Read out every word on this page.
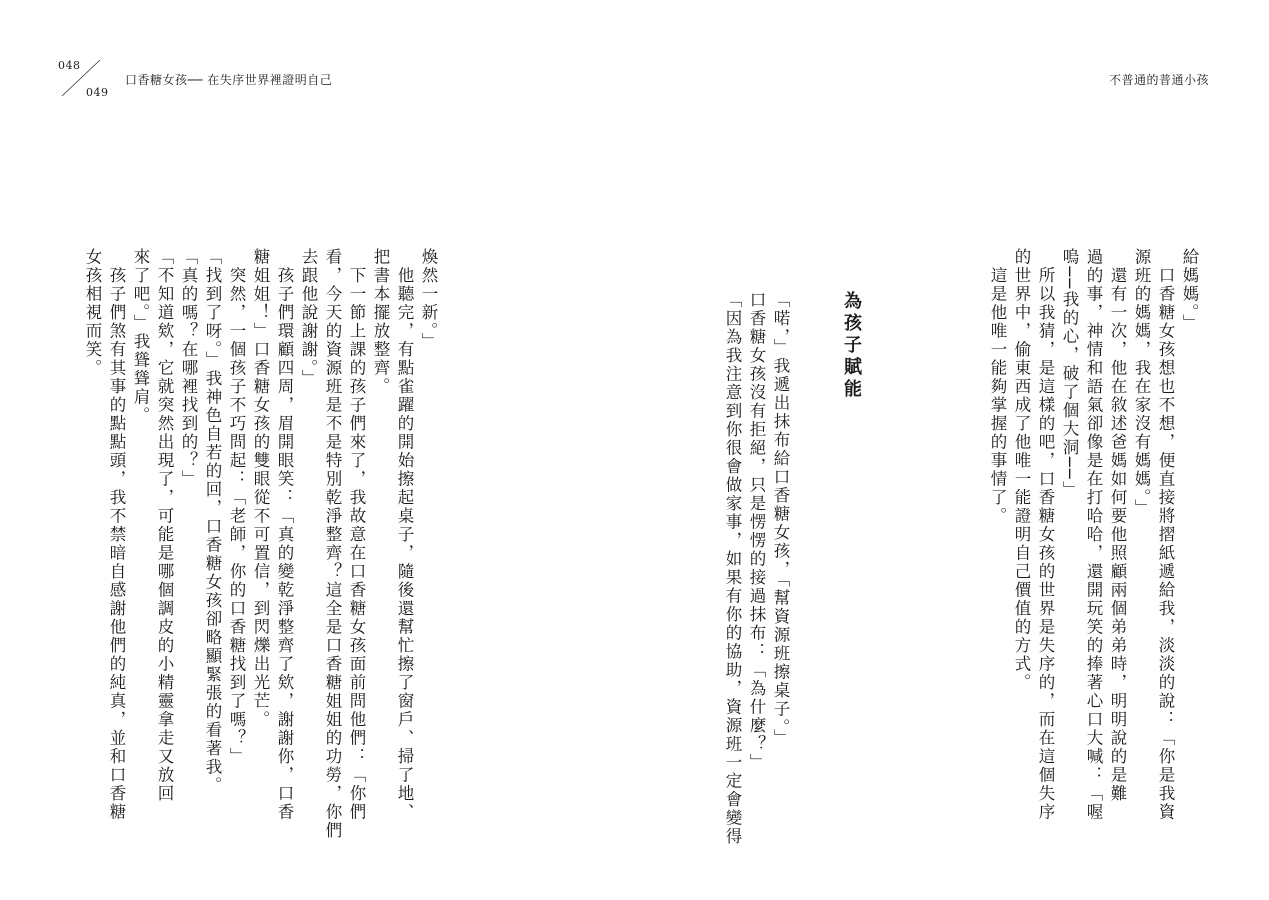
048
049
口香糖女孩── 在失序世界裡證明自己	不普通的普通小孩
給媽媽。」
　口香糖女孩想也不想，便直接將摺紙遞給我，淡淡的說：「你是我資
源班的媽媽，我在家沒有媽媽。」
　還有一次，他在敘述爸媽如何要他照顧兩個弟弟時，明明說的是難
過的事，神情和語氣卻像是在打哈哈，還開玩笑的捧著心口大喊：「喔
嗚──我的心，破了個大洞──」
　所以我猜，是這樣的吧，口香糖女孩的世界是失序的，而在這個失序
的世界中，偷東西成了他唯一能證明自己價值的方式。
　這是他唯一能夠掌握的事情了。
為孩子賦能
「喏，」我遞出抹布給口香糖女孩，「幫資源班擦桌子。」
口香糖女孩沒有拒絕，只是愣愣的接過抹布：「為什麼？」
「因為我注意到你很會做家事，如果有你的協助，資源班一定會變得
煥然一新。」
　他聽完，有點雀躍的開始擦起桌子，隨後還幫忙擦了窗戶、掃了地、
把書本擺放整齊。
　下一節上課的孩子們來了，我故意在口香糖女孩面前問他們：「你們
看，今天的資源班是不是特別乾淨整齊？這全是口香糖姐姐的功勞，你們
去跟他說謝謝。」
　孩子們環顧四周，眉開眼笑：「真的變乾淨整齊了欸，謝謝你，口香
糖姐姐！」口香糖女孩的雙眼從不可置信，到閃爍出光芒。
　突然，一個孩子不巧問起：「老師，你的口香糖找到了嗎？」
「找到了呀。」我神色自若的回，口香糖女孩卻略顯緊張的看著我。
「真的嗎？在哪裡找到的？」
「不知道欸，它就突然出現了，可能是哪個調皮的小精靈拿走又放回
來了吧。」我聳聳肩。
　孩子們煞有其事的點點頭，我不禁暗自感謝他們的純真，並和口香糖
女孩相視而笑。
